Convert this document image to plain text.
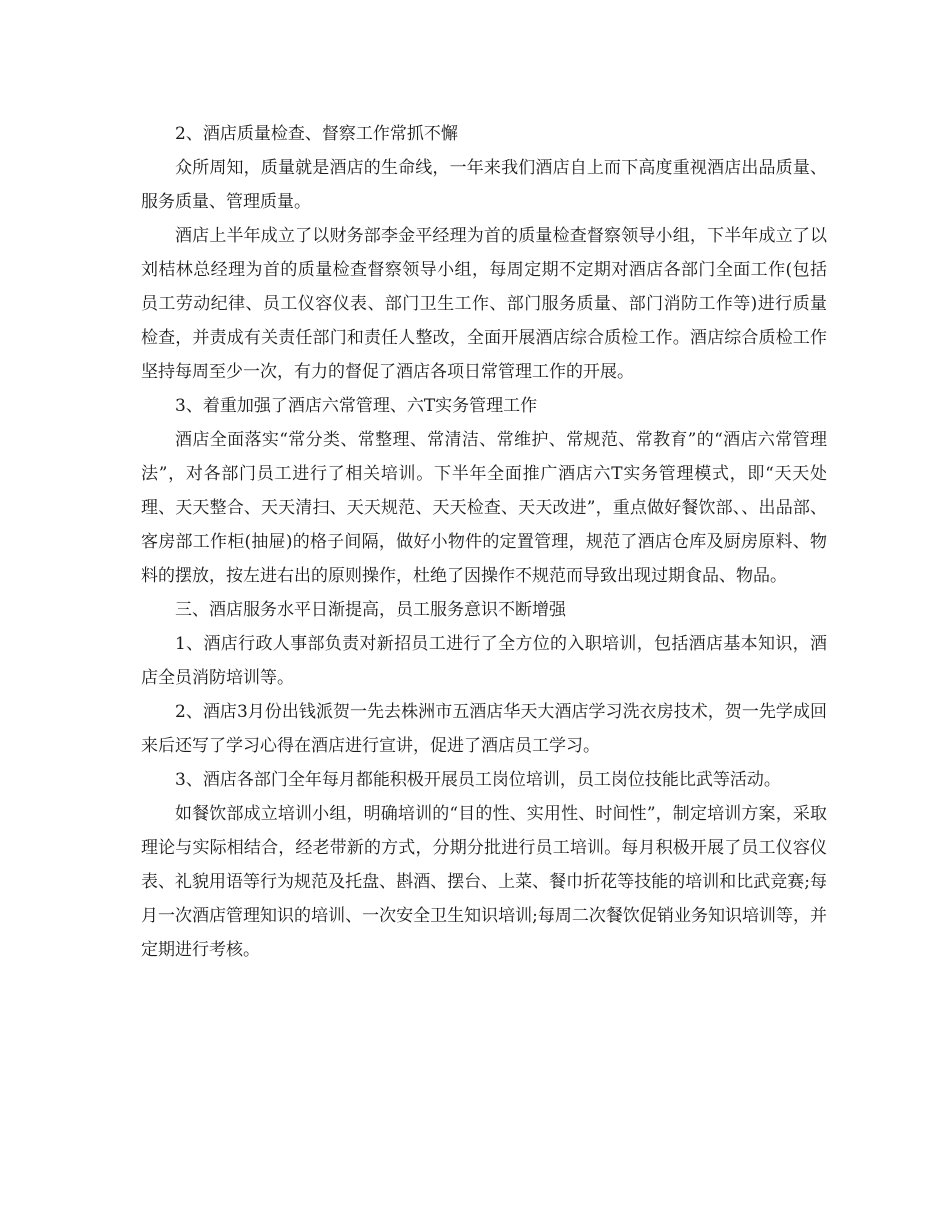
2、酒店质量检查、督察工作常抓不懈

众所周知，质量就是酒店的生命线，一年来我们酒店自上而下高度重视酒店出品质量、服务质量、管理质量。

酒店上半年成立了以财务部李金平经理为首的质量检查督察领导小组，下半年成立了以刘桔林总经理为首的质量检查督察领导小组，每周定期不定期对酒店各部门全面工作(包括员工劳动纪律、员工仪容仪表、部门卫生工作、部门服务质量、部门消防工作等)进行质量检查，并责成有关责任部门和责任人整改，全面开展酒店综合质检工作。酒店综合质检工作坚持每周至少一次，有力的督促了酒店各项日常管理工作的开展。

3、着重加强了酒店六常管理、六T实务管理工作

酒店全面落实“常分类、常整理、常清洁、常维护、常规范、常教育”的“酒店六常管理法”，对各部门员工进行了相关培训。下半年全面推广酒店六T实务管理模式，即“天天处理、天天整合、天天清扫、天天规范、天天检查、天天改进”，重点做好餐饮部、、出品部、客房部工作柜(抽屉)的格子间隔，做好小物件的定置管理，规范了酒店仓库及厨房原料、物料的摆放，按左进右出的原则操作，杜绝了因操作不规范而导致出现过期食品、物品。

三、酒店服务水平日渐提高，员工服务意识不断增强

1、酒店行政人事部负责对新招员工进行了全方位的入职培训，包括酒店基本知识，酒店全员消防培训等。

2、酒店3月份出钱派贺一先去株洲市五酒店华天大酒店学习洗衣房技术，贺一先学成回来后还写了学习心得在酒店进行宣讲，促进了酒店员工学习。

3、酒店各部门全年每月都能积极开展员工岗位培训，员工岗位技能比武等活动。

如餐饮部成立培训小组，明确培训的“目的性、实用性、时间性”，制定培训方案，采取理论与实际相结合，经老带新的方式，分期分批进行员工培训。每月积极开展了员工仪容仪表、礼貌用语等行为规范及托盘、斟酒、摆台、上菜、餐巾折花等技能的培训和比武竞赛;每月一次酒店管理知识的培训、一次安全卫生知识培训;每周二次餐饮促销业务知识培训等，并定期进行考核。
